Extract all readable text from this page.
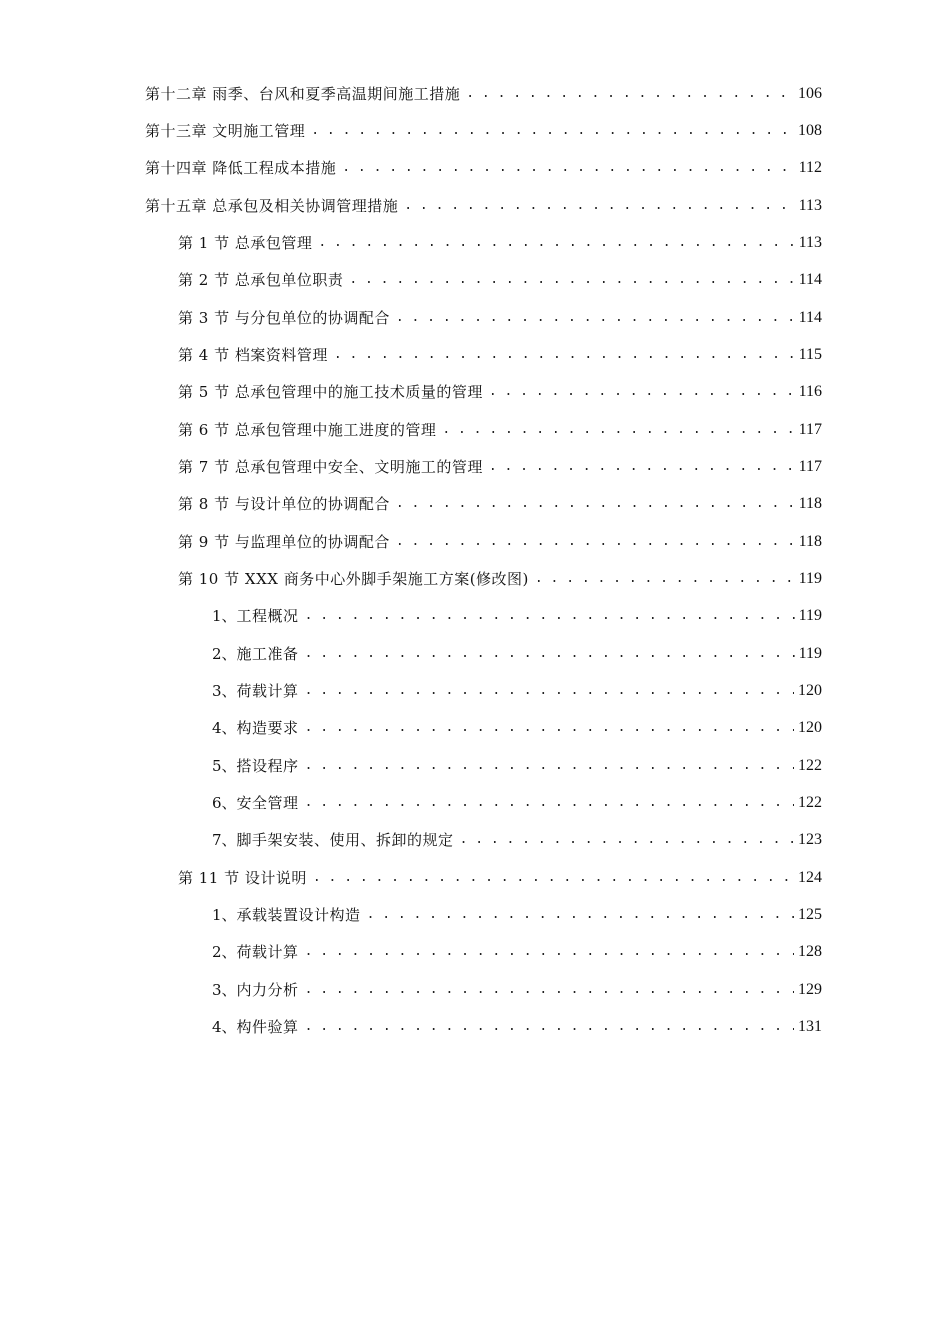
第十二章 雨季、台风和夏季高温期间施工措施 . . .	106
第十三章 文明施工管理 . . .	108
第十四章 降低工程成本措施 . . .	112
第十五章 总承包及相关协调管理措施 . . .	113
第 1 节 总承包管理 . . .	113
第 2 节 总承包单位职责 . . .	114
第 3 节 与分包单位的协调配合 . . .	114
第 4 节 档案资料管理 . . .	115
第 5 节 总承包管理中的施工技术质量的管理 . . .	116
第 6 节 总承包管理中施工进度的管理 . . .	117
第 7 节 总承包管理中安全、文明施工的管理 . . .	117
第 8 节 与设计单位的协调配合 . . .	118
第 9 节 与监理单位的协调配合 . . .	118
第 10 节 XXX 商务中心外脚手架施工方案(修改图) . . .	119
1、 工程概况 . . .	119
2、 施工准备 . . .	119
3、 荷载计算 . . .	120
4、 构造要求 . . .	120
5、 搭设程序 . . .	122
6、 安全管理 . . .	122
7、 脚手架安装、使用、拆卸的规定 . . .	123
第 11 节 设计说明 . . .	124
1、 承载装置设计构造 . . .	125
2、 荷载计算 . . .	128
3、 内力分析 . . .	129
4、 构件验算 . . .	131
